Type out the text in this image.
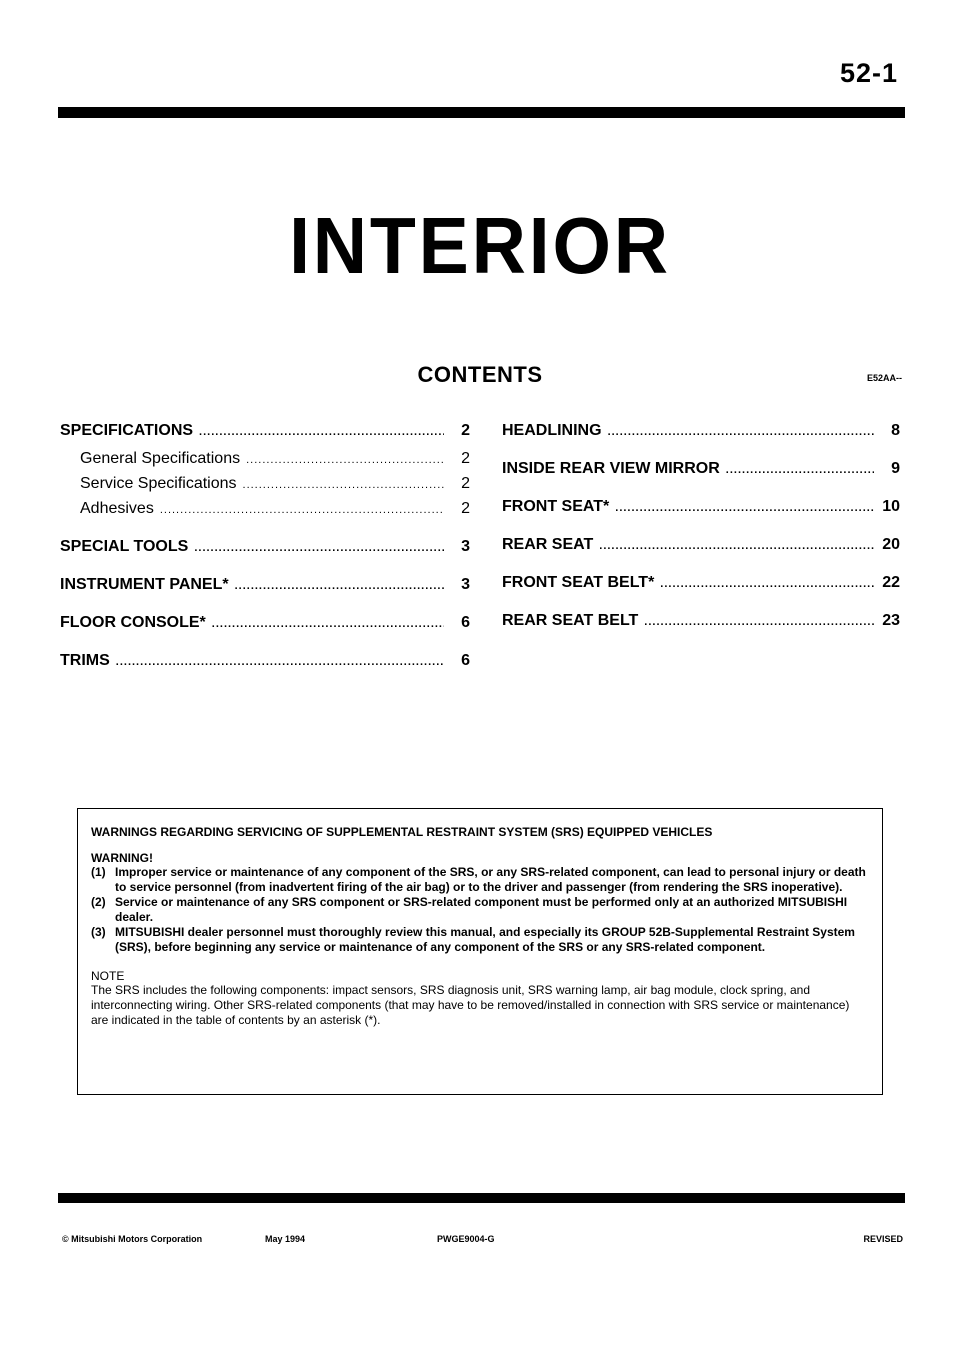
52-1
INTERIOR
CONTENTS	E52AA--
SPECIFICATIONS .....	2
General Specifications .....	2
Service Specifications .....	2
Adhesives .....	2
SPECIAL TOOLS .....	3
INSTRUMENT PANEL* .....	3
FLOOR CONSOLE* .....	6
TRIMS .....	6
HEADLINING .....	8
INSIDE REAR VIEW MIRROR .....	9
FRONT SEAT* .....	10
REAR SEAT .....	20
FRONT SEAT BELT* .....	22
REAR SEAT BELT .....	23
WARNINGS REGARDING SERVICING OF SUPPLEMENTAL RESTRAINT SYSTEM (SRS) EQUIPPED VEHICLES
WARNING!
(1) Improper service or maintenance of any component of the SRS, or any SRS-related component, can lead to personal injury or death to service personnel (from inadvertent firing of the air bag) or to the driver and passenger (from rendering the SRS inoperative).
(2) Service or maintenance of any SRS component or SRS-related component must be performed only at an authorized MITSUBISHI dealer.
(3) MITSUBISHI dealer personnel must thoroughly review this manual, and especially its GROUP 52B-Supplemental Restraint System (SRS), before beginning any service or maintenance of any component of the SRS or any SRS-related component.
NOTE
The SRS includes the following components: impact sensors, SRS diagnosis unit, SRS warning lamp, air bag module, clock spring, and interconnecting wiring. Other SRS-related components (that may have to be removed/installed in connection with SRS service or maintenance) are indicated in the table of contents by an asterisk (*).
© Mitsubishi Motors Corporation	May 1994	PWGE9004-G	REVISED
